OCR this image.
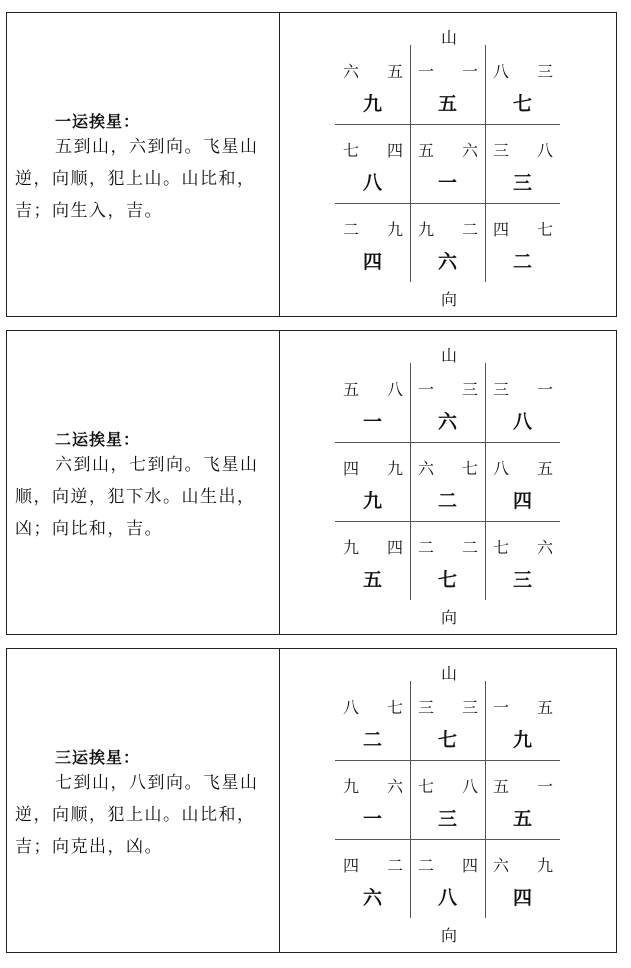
一运挨星：
五到山，六到向。飞星山逆，向顺，犯上山。山比和，吉；向生入，吉。
山
六 五
九
一 一
五
八 三
七
七 四
八
五 六
一
三 八
三
二 九
四
九 二
六
四 七
二
向
二运挨星：
六到山，七到向。飞星山顺，向逆，犯下水。山生出，凶；向比和，吉。
山
五 八
一
一 三
六
三 一
八
四 九
九
六 七
二
八 五
四
九 四
五
二 二
七
七 六
三
向
三运挨星：
七到山，八到向。飞星山逆，向顺，犯上山。山比和，吉；向克出，凶。
山
八 七
二
三 三
七
一 五
九
九 六
一
七 八
三
五 一
五
四 二
六
二 四
八
六 九
四
向
